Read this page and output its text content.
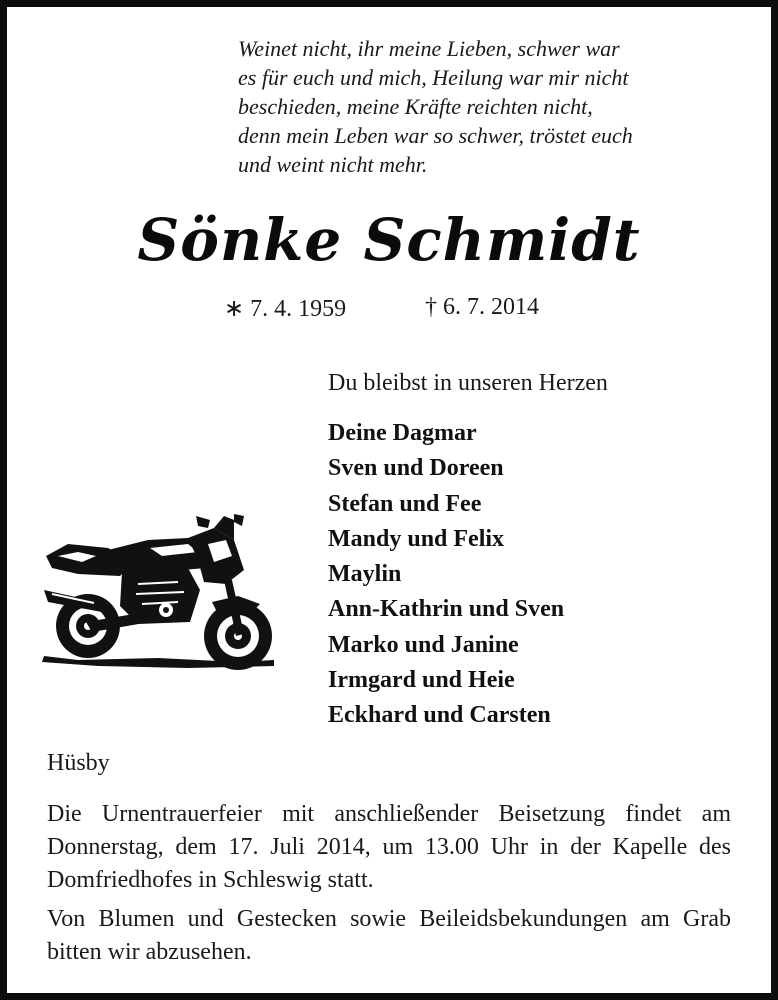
Weinet nicht, ihr meine Lieben, schwer war
es für euch und mich, Heilung war mir nicht
beschieden, meine Kräfte reichten nicht,
denn mein Leben war so schwer, tröstet euch
und weint nicht mehr.
Sönke Schmidt
∗ 7. 4. 1959	† 6. 7. 2014
Du bleibst in unseren Herzen
Deine Dagmar
Sven und Doreen
Stefan und Fee
Mandy und Felix
Maylin
Ann-Kathrin und Sven
Marko und Janine
Irmgard und Heie
Eckhard und Carsten
Hüsby
Die Urnentrauerfeier mit anschließender Beisetzung findet am Donnerstag, dem 17. Juli 2014, um 13.00 Uhr in der Kapelle des Domfriedhofes in Schleswig statt.
Von Blumen und Gestecken sowie Beileidsbekundungen am Grab bitten wir abzusehen.
